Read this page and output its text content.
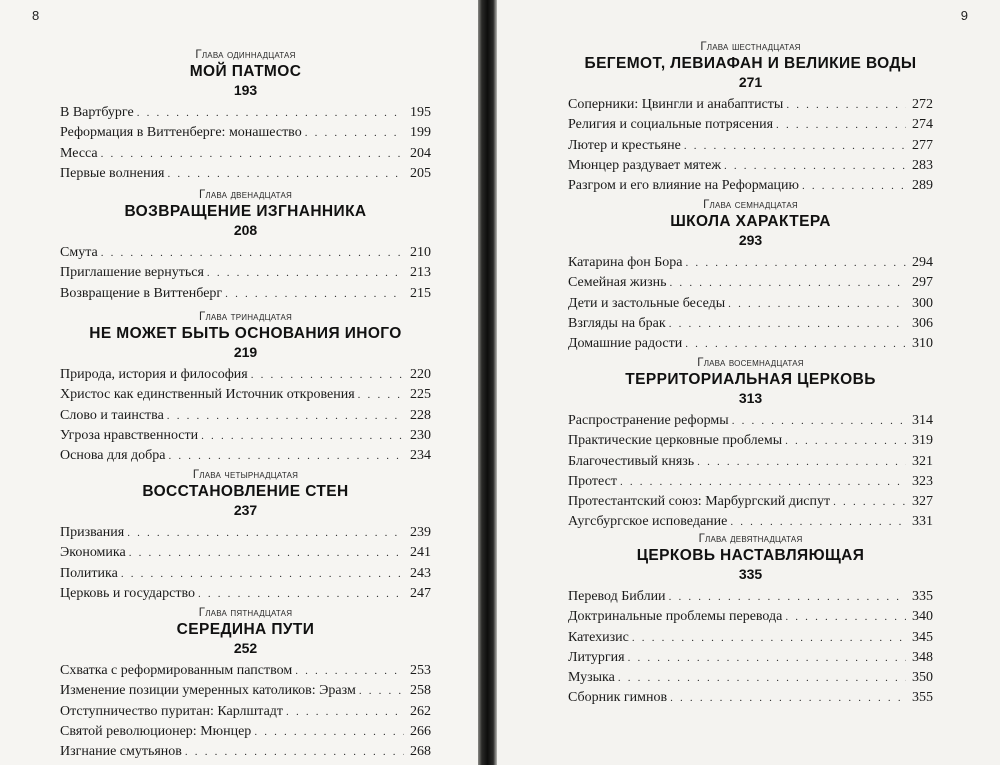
8
Глава одиннадцатая
МОЙ ПАТМОС
193
В Вартбурге . . .	195
Реформация в Виттенберге: монашество . . .	199
Месса . . .	204
Первые волнения . . .	205
Глава двенадцатая
ВОЗВРАЩЕНИЕ ИЗГНАННИКА
208
Смута . . .	210
Приглашение вернуться . . .	213
Возвращение в Виттенберг . . .	215
Глава тринадцатая
НЕ МОЖЕТ БЫТЬ ОСНОВАНИЯ ИНОГО
219
Природа, история и философия . . .	220
Христос как единственный Источник откровения . . .	225
Слово и таинства . . .	228
Угроза нравственности . . .	230
Основа для добра . . .	234
Глава четырнадцатая
ВОССТАНОВЛЕНИЕ СТЕН
237
Призвания . . .	239
Экономика . . .	241
Политика . . .	243
Церковь и государство . . .	247
Глава пятнадцатая
СЕРЕДИНА ПУТИ
252
Схватка с реформированным папством . . .	253
Изменение позиции умеренных католиков: Эразм . . .	258
Отступничество пуритан: Карлштадт . . .	262
Святой революционер: Мюнцер . . .	266
Изгнание смутьянов . . .	268
9
Глава шестнадцатая
БЕГЕМОТ, ЛЕВИАФАН И ВЕЛИКИЕ ВОДЫ
271
Соперники: Цвингли и анабаптисты . . .	272
Религия и социальные потрясения . . .	274
Лютер и крестьяне . . .	277
Мюнцер раздувает мятеж . . .	283
Разгром и его влияние на Реформацию . . .	289
Глава семнадцатая
ШКОЛА ХАРАКТЕРА
293
Катарина фон Бора . . .	294
Семейная жизнь . . .	297
Дети и застольные беседы . . .	300
Взгляды на брак . . .	306
Домашние радости . . .	310
Глава восемнадцатая
ТЕРРИТОРИАЛЬНАЯ ЦЕРКОВЬ
313
Распространение реформы . . .	314
Практические церковные проблемы . . .	319
Благочестивый князь . . .	321
Протест . . .	323
Протестантский союз: Марбургский диспут . . .	327
Аугсбургское исповедание . . .	331
Глава девятнадцатая
ЦЕРКОВЬ НАСТАВЛЯЮЩАЯ
335
Перевод Библии . . .	335
Доктринальные проблемы перевода . . .	340
Катехизис . . .	345
Литургия . . .	348
Музыка . . .	350
Сборник гимнов . . .	355
